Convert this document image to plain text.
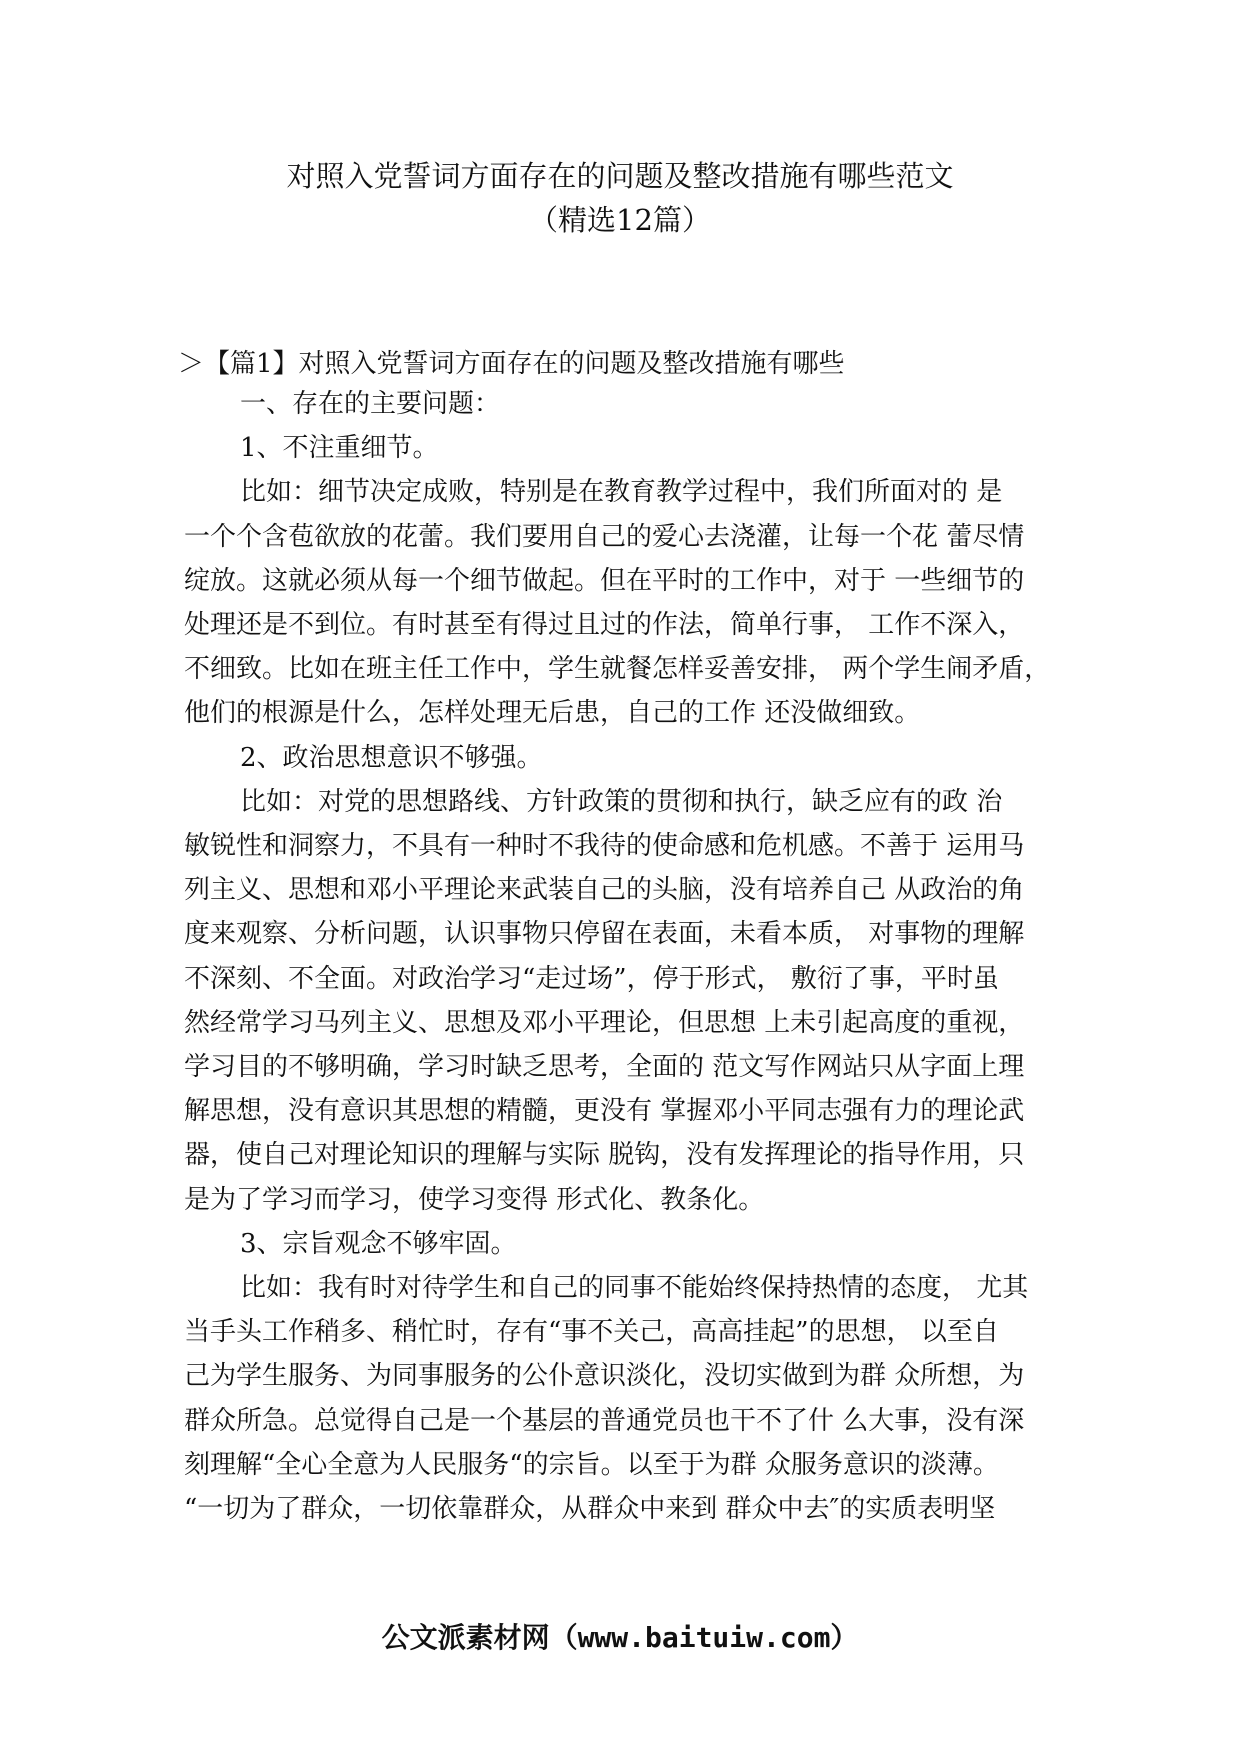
对照入党誓词方面存在的问题及整改措施有哪些范文
（精选12篇）
＞【篇1】对照入党誓词方面存在的问题及整改措施有哪些

一、存在的主要问题：

1、不注重细节。

比如：细节决定成败，特别是在教育教学过程中，我们所面对的 是

一个个含苞欲放的花蕾。我们要用自己的爱心去浇灌，让每一个花 蕾尽情

绽放。这就必须从每一个细节做起。但在平时的工作中，对于 一些细节的

处理还是不到位。有时甚至有得过且过的作法，简单行事， 工作不深入，

不细致。比如在班主任工作中，学生就餐怎样妥善安排， 两个学生闹矛盾，

他们的根源是什么，怎样处理无后患，自己的工作 还没做细致。

2、政治思想意识不够强。

比如：对党的思想路线、方针政策的贯彻和执行，缺乏应有的政 治

敏锐性和洞察力，不具有一种时不我待的使命感和危机感。不善于 运用马

列主义、思想和邓小平理论来武装自己的头脑，没有培养自己 从政治的角

度来观察、分析问题，认识事物只停留在表面，未看本质， 对事物的理解

不深刻、不全面。对政治学习“走过场”，停于形式， 敷衍了事，平时虽

然经常学习马列主义、思想及邓小平理论，但思想 上未引起高度的重视，

学习目的不够明确，学习时缺乏思考，全面的 范文写作网站只从字面上理

解思想，没有意识其思想的精髓，更没有 掌握邓小平同志强有力的理论武

器，使自己对理论知识的理解与实际 脱钩，没有发挥理论的指导作用，只

是为了学习而学习，使学习变得 形式化、教条化。

3、宗旨观念不够牢固。

比如：我有时对待学生和自己的同事不能始终保持热情的态度， 尤其

当手头工作稍多、稍忙时，存有“事不关己，高高挂起”的思想， 以至自

己为学生服务、为同事服务的公仆意识淡化，没切实做到为群 众所想，为

群众所急。总觉得自己是一个基层的普通党员也干不了什 么大事，没有深

刻理解“全心全意为人民服务“的宗旨。以至于为群 众服务意识的淡薄。

“一切为了群众，一切依靠群众，从群众中来到 群众中去″的实质表明坚

公文派素材网（www.baituiw.com）
